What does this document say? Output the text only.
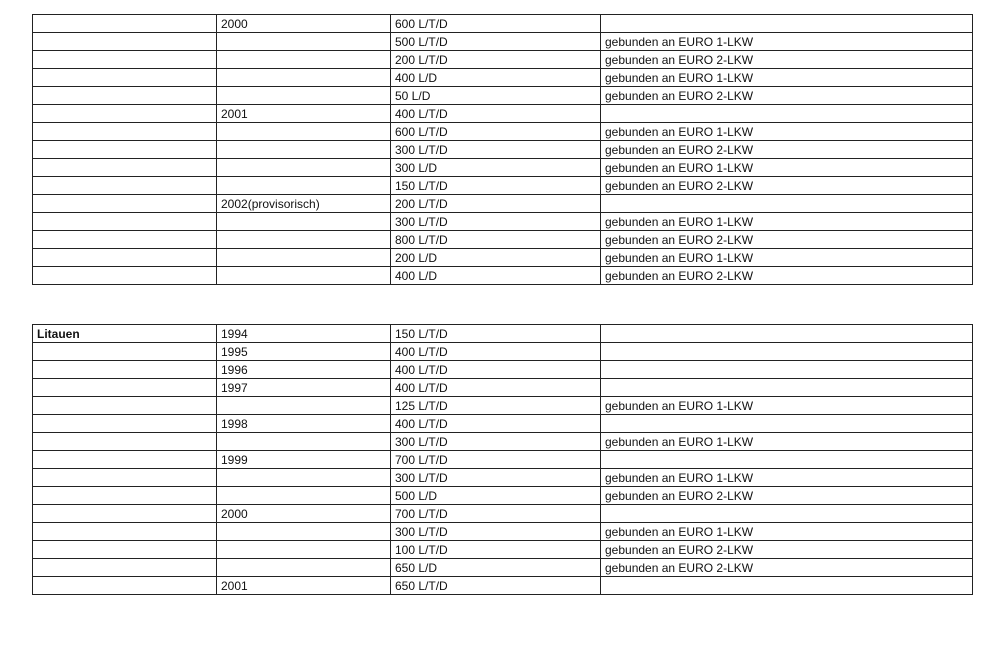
	2000	600 L/T/D	
		500 L/T/D	gebunden an EURO 1-LKW
		200 L/T/D	gebunden an EURO 2-LKW
		400 L/D	gebunden an EURO 1-LKW
		50 L/D	gebunden an EURO 2-LKW
	2001	400 L/T/D	
		600 L/T/D	gebunden an EURO 1-LKW
		300 L/T/D	gebunden an EURO 2-LKW
		300 L/D	gebunden an EURO 1-LKW
		150 L/T/D	gebunden an EURO 2-LKW
	2002(provisorisch)	200 L/T/D	
		300 L/T/D	gebunden an EURO 1-LKW
		800 L/T/D	gebunden an EURO 2-LKW
		200 L/D	gebunden an EURO 1-LKW
		400 L/D	gebunden an EURO 2-LKW
Litauen	1994	150 L/T/D	
	1995	400 L/T/D	
	1996	400 L/T/D	
	1997	400 L/T/D	
		125 L/T/D	gebunden an EURO 1-LKW
	1998	400 L/T/D	
		300 L/T/D	gebunden an EURO 1-LKW
	1999	700 L/T/D	
		300 L/T/D	gebunden an EURO 1-LKW
		500 L/D	gebunden an EURO 2-LKW
	2000	700 L/T/D	
		300 L/T/D	gebunden an EURO 1-LKW
		100 L/T/D	gebunden an EURO 2-LKW
		650 L/D	gebunden an EURO 2-LKW
	2001	650 L/T/D	
